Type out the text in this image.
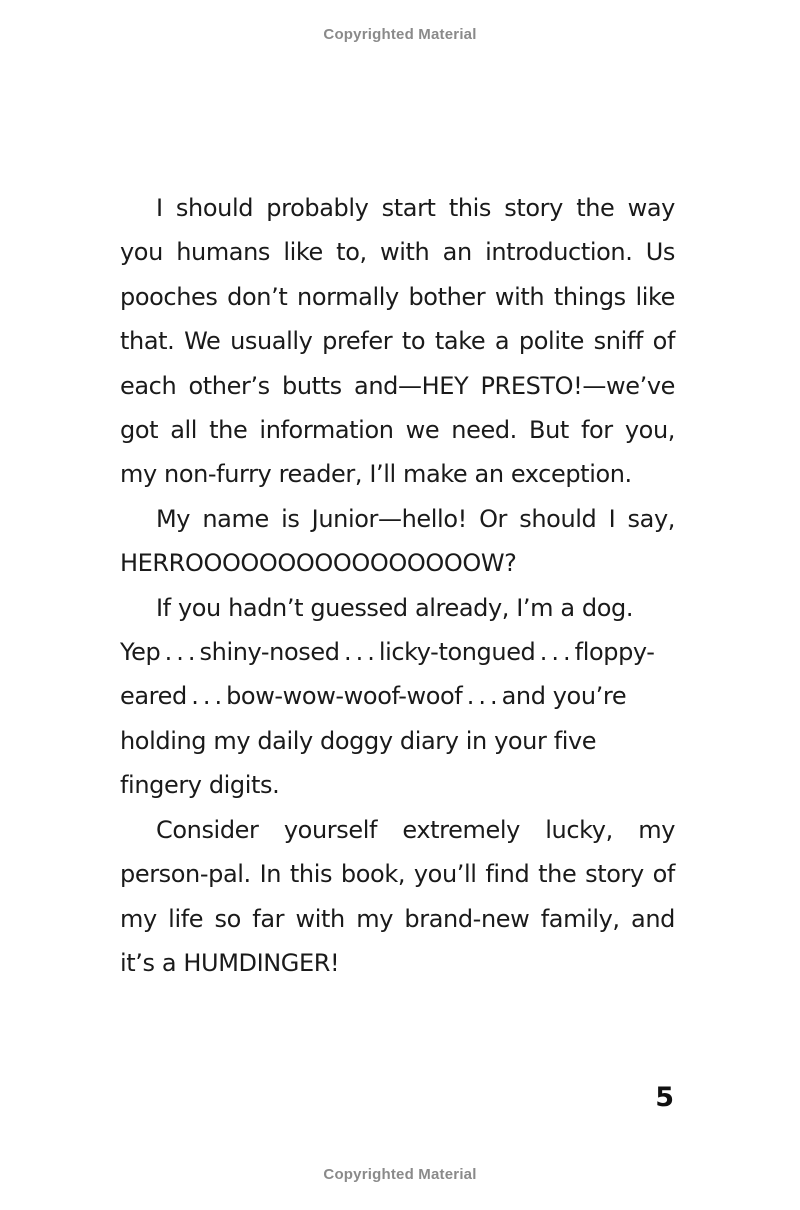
Copyrighted Material

I should probably start this story the way you humans like to, with an introduction. Us pooches don’t normally bother with things like that. We usually prefer to take a polite sniff of each other’s butts and—HEY PRESTO!—we’ve got all the information we need. But for you, my non-furry reader, I’ll make an exception.

My name is Junior—hello! Or should I say, HERROOOOOOOOOOOOOOOOW?

If you hadn’t guessed already, I’m a dog. Yep . . . shiny-nosed . . . licky-tongued . . . floppy-eared . . . bow-wow-woof-woof . . . and you’re holding my daily doggy diary in your five fingery digits.

Consider yourself extremely lucky, my person-pal. In this book, you’ll find the story of my life so far with my brand-new family, and it’s a HUMDINGER!

5
Copyrighted Material
